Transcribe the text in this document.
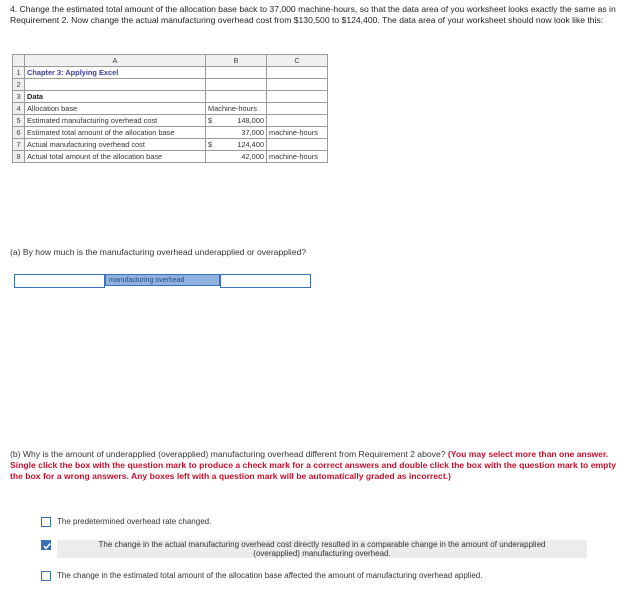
4. Change the estimated total amount of the allocation base back to 37,000 machine-hours, so that the data area of you worksheet looks exactly the same as in Requirement 2. Now change the actual manufacturing overhead cost from $130,500 to $124,400. The data area of your worksheet should now look like this:
	A	B	C
1	Chapter 3: Applying Excel		
2			
3	Data		
4	Allocation base	Machine-hours	
5	Estimated manufacturing overhead cost	$ 148,000	

6	Estimated total amount of the allocation base	37,000	machine-hours
7	Actual manufacturing overhead cost	$ 124,400	

8	Actual total amount of the allocation base	42,000	machine-hours
(a) By how much is the manufacturing overhead underapplied or overapplied?
manufacturing overhead
(b) Why is the amount of underapplied (overapplied) manufacturing overhead different from Requirement 2 above? (You may select more than one answer. Single click the box with the question mark to produce a check mark for a correct answers and double click the box with the question mark to empty the box for a wrong answers. Any boxes left with a question mark will be automatically graded as incorrect.)
The predetermined overhead rate changed.
The change in the actual manufacturing overhead cost directly resulted in a comparable change in the amount of underapplied
(overapplied) manufacturing overhead.
The change in the estimated total amount of the allocation base affected the amount of manufacturing overhead applied.
